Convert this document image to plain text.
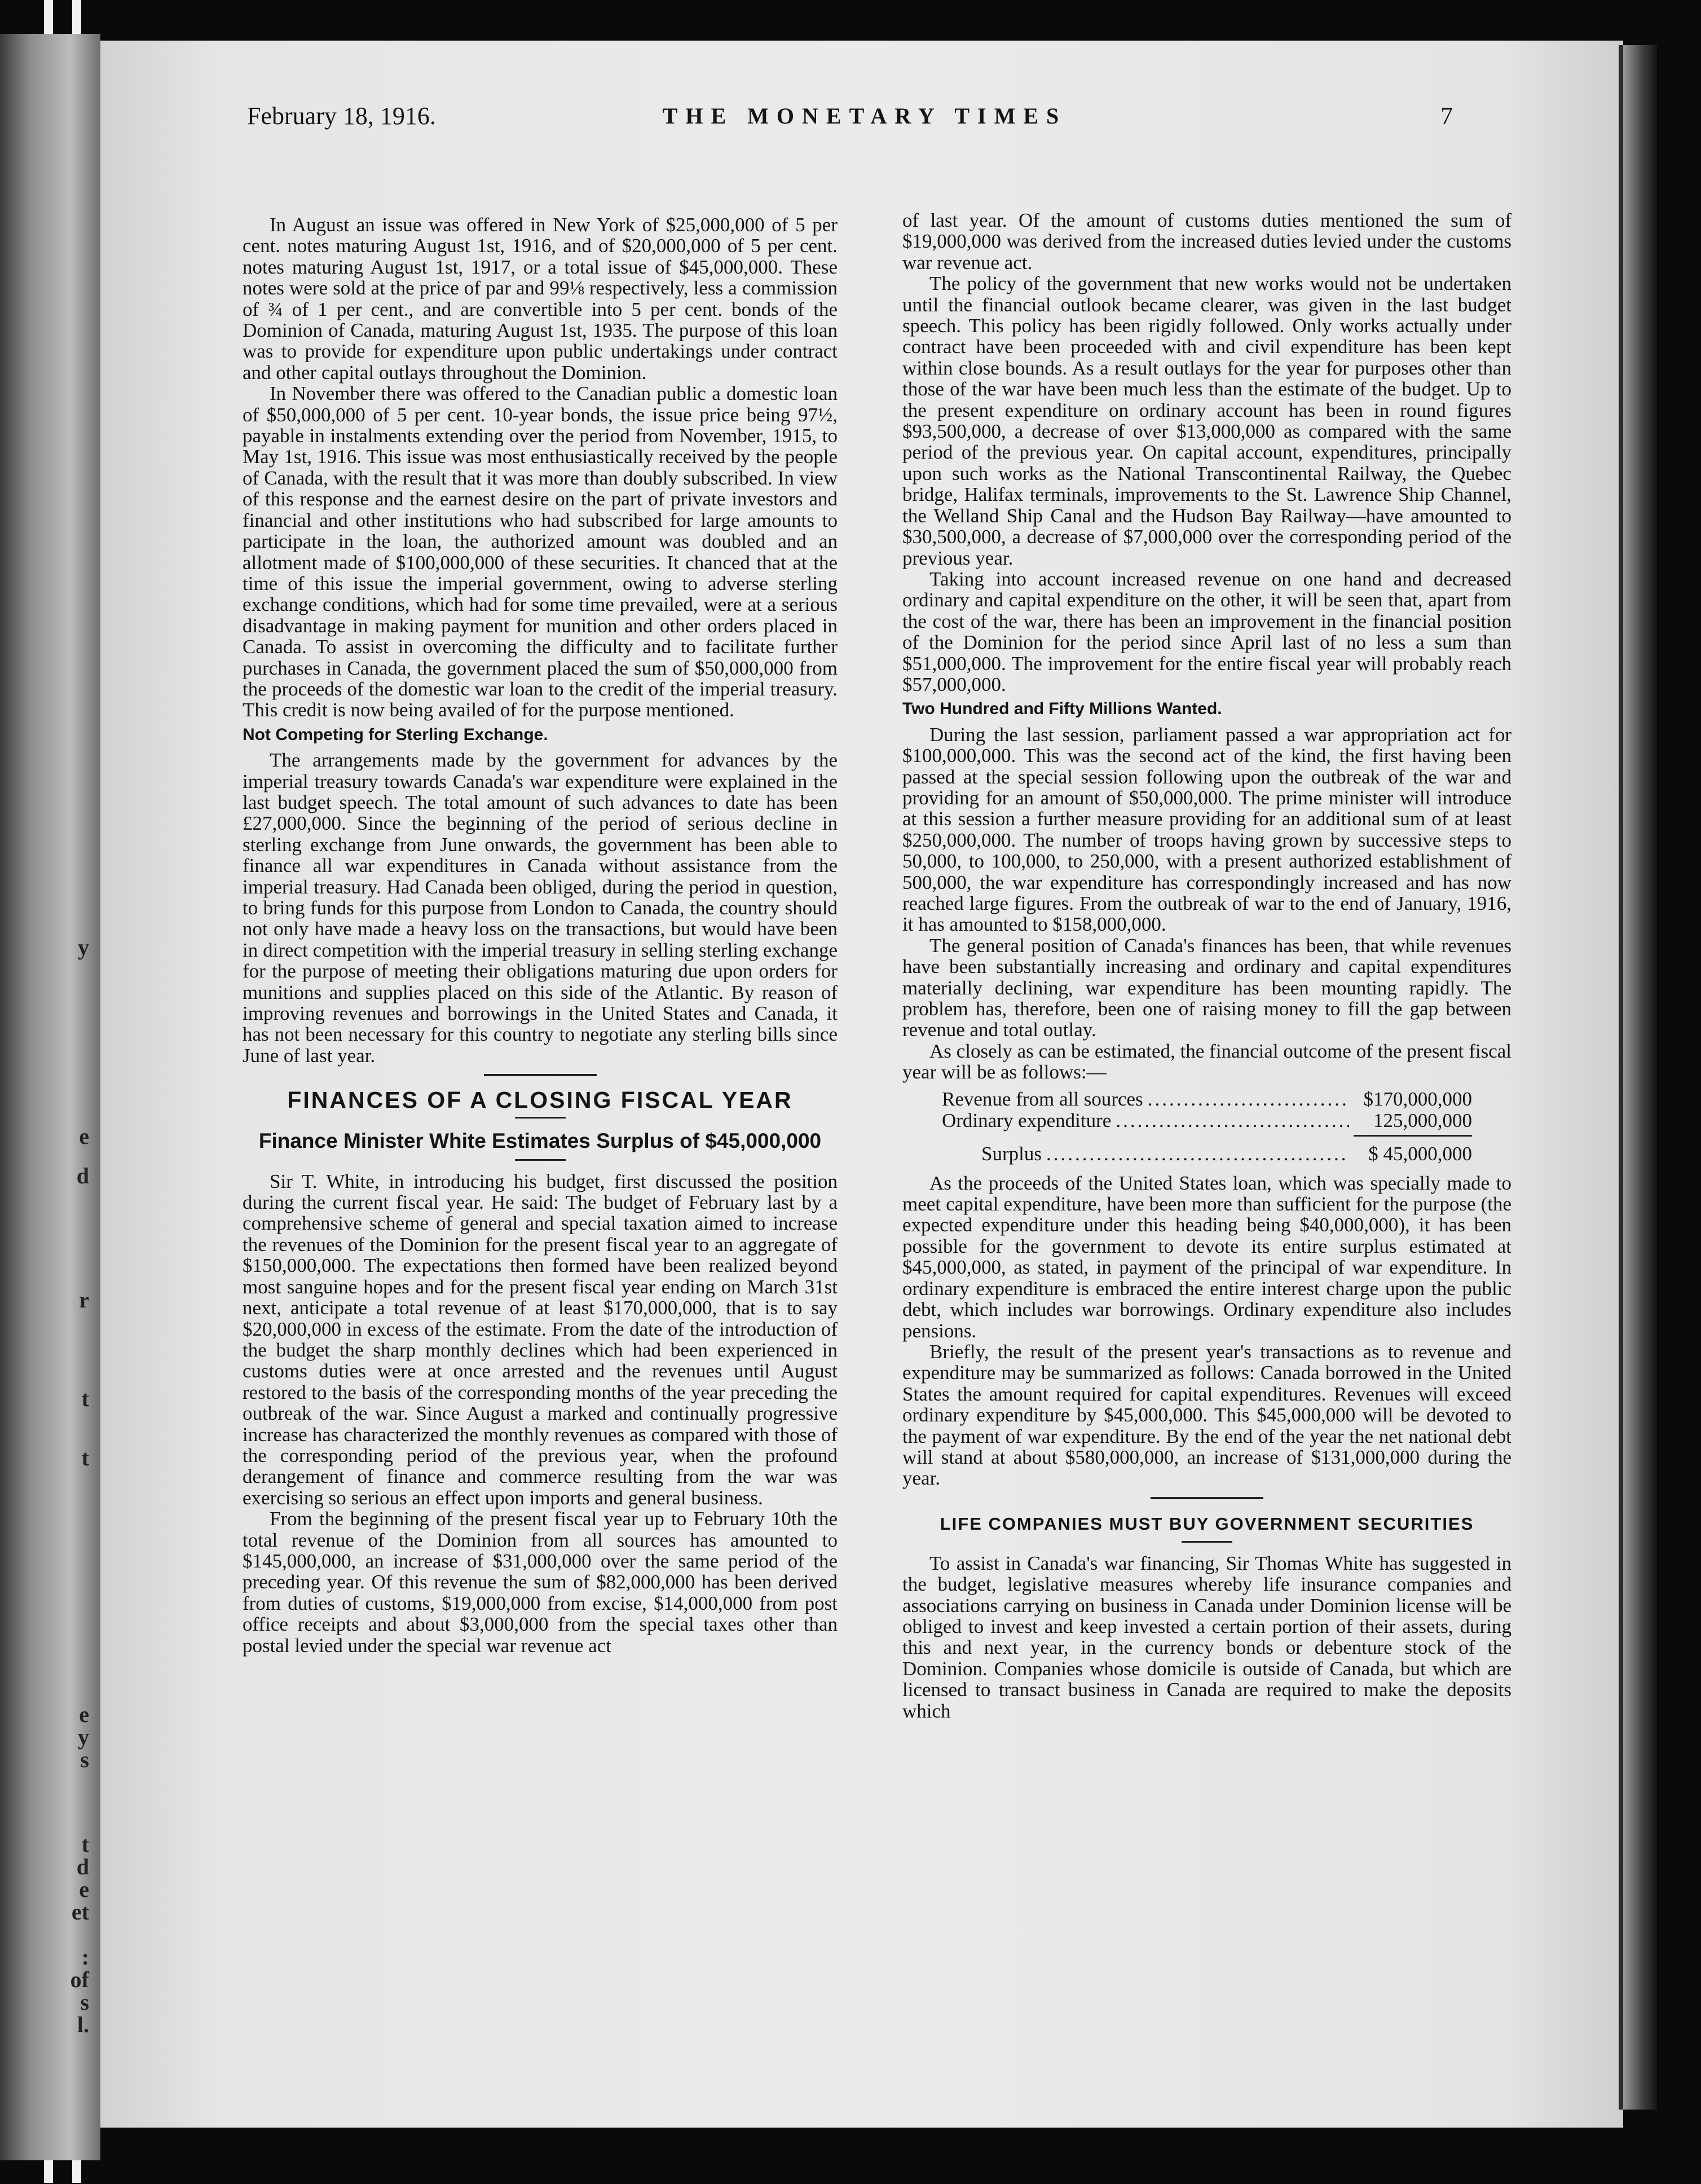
y
e
d
r
t
t
e
y
s
t
d
e
et
:
of
s
l.
February 18, 1916.	THE MONETARY TIMES	7

In August an issue was offered in New York of $25,000,000 of 5 per cent. notes maturing August 1st, 1916, and of $20,000,000 of 5 per cent. notes maturing August 1st, 1917, or a total issue of $45,000,000. These notes were sold at the price of par and 99⅛ respectively, less a commission of ¾ of 1 per cent., and are convertible into 5 per cent. bonds of the Dominion of Canada, maturing August 1st, 1935. The purpose of this loan was to provide for expenditure upon public undertakings under contract and other capital outlays throughout the Dominion.

In November there was offered to the Canadian public a domestic loan of $50,000,000 of 5 per cent. 10-year bonds, the issue price being 97½, payable in instalments extending over the period from November, 1915, to May 1st, 1916. This issue was most enthusiastically received by the people of Canada, with the result that it was more than doubly subscribed. In view of this response and the earnest desire on the part of private investors and financial and other institutions who had subscribed for large amounts to participate in the loan, the authorized amount was doubled and an allotment made of $100,000,000 of these securities. It chanced that at the time of this issue the imperial government, owing to adverse sterling exchange conditions, which had for some time prevailed, were at a serious disadvantage in making payment for munition and other orders placed in Canada. To assist in overcoming the difficulty and to facilitate further purchases in Canada, the government placed the sum of $50,000,000 from the proceeds of the domestic war loan to the credit of the imperial treasury. This credit is now being availed of for the purpose mentioned.

Not Competing for Sterling Exchange.

The arrangements made by the government for advances by the imperial treasury towards Canada's war expenditure were explained in the last budget speech. The total amount of such advances to date has been £27,000,000. Since the beginning of the period of serious decline in sterling exchange from June onwards, the government has been able to finance all war expenditures in Canada without assistance from the imperial treasury. Had Canada been obliged, during the period in question, to bring funds for this purpose from London to Canada, the country should not only have made a heavy loss on the transactions, but would have been in direct competition with the imperial treasury in selling sterling exchange for the purpose of meeting their obligations maturing due upon orders for munitions and supplies placed on this side of the Atlantic. By reason of improving revenues and borrowings in the United States and Canada, it has not been necessary for this country to negotiate any sterling bills since June of last year.

FINANCES OF A CLOSING FISCAL YEAR
Finance Minister White Estimates Surplus of $45,000,000

Sir T. White, in introducing his budget, first discussed the position during the current fiscal year. He said: The budget of February last by a comprehensive scheme of general and special taxation aimed to increase the revenues of the Dominion for the present fiscal year to an aggregate of $150,000,000. The expectations then formed have been realized beyond most sanguine hopes and for the present fiscal year ending on March 31st next, anticipate a total revenue of at least $170,000,000, that is to say $20,000,000 in excess of the estimate. From the date of the introduction of the budget the sharp monthly declines which had been experienced in customs duties were at once arrested and the revenues until August restored to the basis of the corresponding months of the year preceding the outbreak of the war. Since August a marked and continually progressive increase has characterized the monthly revenues as compared with those of the corresponding period of the previous year, when the profound derangement of finance and commerce resulting from the war was exercising so serious an effect upon imports and general business.

From the beginning of the present fiscal year up to February 10th the total revenue of the Dominion from all sources has amounted to $145,000,000, an increase of $31,000,000 over the same period of the preceding year. Of this revenue the sum of $82,000,000 has been derived from duties of customs, $19,000,000 from excise, $14,000,000 from post office receipts and about $3,000,000 from the special taxes other than postal levied under the special war revenue act

of last year. Of the amount of customs duties mentioned the sum of $19,000,000 was derived from the increased duties levied under the customs war revenue act.

The policy of the government that new works would not be undertaken until the financial outlook became clearer, was given in the last budget speech. This policy has been rigidly followed. Only works actually under contract have been proceeded with and civil expenditure has been kept within close bounds. As a result outlays for the year for purposes other than those of the war have been much less than the estimate of the budget. Up to the present expenditure on ordinary account has been in round figures $93,500,000, a decrease of over $13,000,000 as compared with the same period of the previous year. On capital account, expenditures, principally upon such works as the National Transcontinental Railway, the Quebec bridge, Halifax terminals, improvements to the St. Lawrence Ship Channel, the Welland Ship Canal and the Hudson Bay Railway—have amounted to $30,500,000, a decrease of $7,000,000 over the corresponding period of the previous year.

Taking into account increased revenue on one hand and decreased ordinary and capital expenditure on the other, it will be seen that, apart from the cost of the war, there has been an improvement in the financial position of the Dominion for the period since April last of no less a sum than $51,000,000. The improvement for the entire fiscal year will probably reach $57,000,000.

Two Hundred and Fifty Millions Wanted.

During the last session, parliament passed a war appropriation act for $100,000,000. This was the second act of the kind, the first having been passed at the special session following upon the outbreak of the war and providing for an amount of $50,000,000. The prime minister will introduce at this session a further measure providing for an additional sum of at least $250,000,000. The number of troops having grown by successive steps to 50,000, to 100,000, to 250,000, with a present authorized establishment of 500,000, the war expenditure has correspondingly increased and has now reached large figures. From the outbreak of war to the end of January, 1916, it has amounted to $158,000,000.

The general position of Canada's finances has been, that while revenues have been substantially increasing and ordinary and capital expenditures materially declining, war expenditure has been mounting rapidly. The problem has, therefore, been one of raising money to fill the gap between revenue and total outlay.

As closely as can be estimated, the financial outcome of the present fiscal year will be as follows:—

Revenue from all sources .....	$170,000,000
Ordinary expenditure .....	125,000,000
Surplus .....	$ 45,000,000

As the proceeds of the United States loan, which was specially made to meet capital expenditure, have been more than sufficient for the purpose (the expected expenditure under this heading being $40,000,000), it has been possible for the government to devote its entire surplus estimated at $45,000,000, as stated, in payment of the principal of war expenditure. In ordinary expenditure is embraced the entire interest charge upon the public debt, which includes war borrowings. Ordinary expenditure also includes pensions.

Briefly, the result of the present year's transactions as to revenue and expenditure may be summarized as follows: Canada borrowed in the United States the amount required for capital expenditures. Revenues will exceed ordinary expenditure by $45,000,000. This $45,000,000 will be devoted to the payment of war expenditure. By the end of the year the net national debt will stand at about $580,000,000, an increase of $131,000,000 during the year.

LIFE COMPANIES MUST BUY GOVERNMENT SECURITIES

To assist in Canada's war financing, Sir Thomas White has suggested in the budget, legislative measures whereby life insurance companies and associations carrying on business in Canada under Dominion license will be obliged to invest and keep invested a certain portion of their assets, during this and next year, in the currency bonds or debenture stock of the Dominion. Companies whose domicile is outside of Canada, but which are licensed to transact business in Canada are required to make the deposits which
